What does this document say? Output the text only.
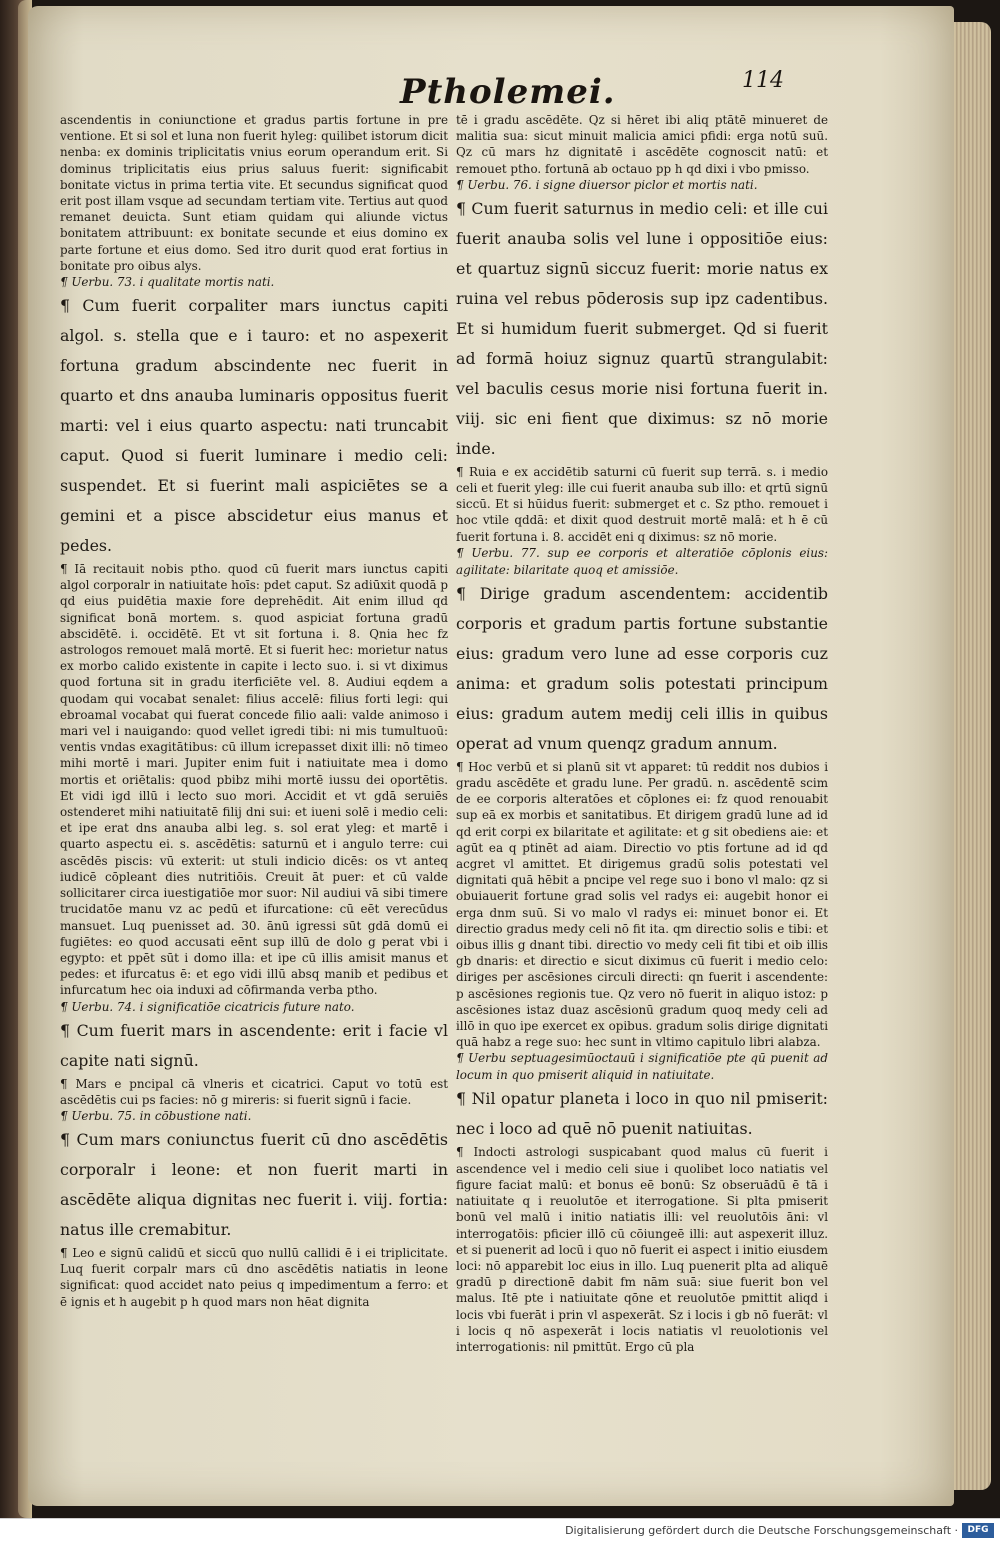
Ptholemei.	114

ascendentis in coniunctione et gradus partis fortune in pre ventione. Et si sol et luna non fuerit hyleg: quilibet istorum dicit nenba: ex dominis triplicitatis vnius eorum operandum erit. Si dominus triplicitatis eius prius saluus fuerit: significabit bonitate victus in prima tertia vite. Et secundus significat quod erit post illam vsque ad secundam tertiam vite. Tertius aut quod remanet deuicta. Sunt etiam quidam qui aliunde victus bonitatem attribuunt: ex bonitate secunde et eius domino ex parte fortune et eius domo. Sed itro durit quod erat fortius in bonitate pro oibus alys.

¶ Uerbu. 73. i qualitate mortis nati.

¶ Cum fuerit corpaliter mars iunctus capiti algol. s. stella que e i tauro: et no aspexerit fortuna gradum abscindente nec fuerit in quarto et dns anauba luminaris oppositus fuerit marti: vel i eius quarto aspectu: nati truncabit caput. Quod si fuerit luminare i medio celi: suspendet. Et si fuerint mali aspiciētes se a gemini et a pisce abscidetur eius manus et pedes.

¶ Iā recitauit nobis ptho. quod cū fuerit mars iunctus capiti algol corporalr in natiuitate hoīs: pdet caput. Sz adiūxit quodā p qd eius puidētia maxie fore deprehēdit. Ait enim illud qd significat bonā mortem. s. quod aspiciat fortuna gradū abscidētē. i. occidētē. Et vt sit fortuna i. 8. Qnia hec fz astrologos remouet malā mortē. Et si fuerit hec: morietur natus ex morbo calido existente in capite i lecto suo. i. si vt diximus quod fortuna sit in gradu iterficiēte vel. 8. Audiui eqdem a quodam qui vocabat senalet: filius accelē: filius forti legi: qui ebroamal vocabat qui fuerat concede filio aali: valde animoso i mari vel i nauigando: quod vellet igredi tibi: ni mis tumultuoū: ventis vndas exagitātibus: cū illum icrepasset dixit illi: nō timeo mihi mortē i mari. Jupiter enim fuit i natiuitate mea i domo mortis et oriētalis: quod pbibz mihi mortē iussu dei oportētis. Et vidi igd illū i lecto suo mori. Accidit et vt gdā seruiēs ostenderet mihi natiuitatē filij dni sui: et iueni solē i medio celi: et ipe erat dns anauba albi leg. s. sol erat yleg: et martē i quarto aspectu ei. s. ascēdētis: saturnū et i angulo terre: cui ascēdēs piscis: vū exterit: ut stuli indicio dicēs: os vt anteq iudicē cōpleant dies nutritiōis. Creuit āt puer: et cū valde sollicitarer circa iuestigatiōe mor suor: Nil audiui vā sibi timere trucidatōe manu vz ac pedū et ifurcatione: cū eēt verecūdus mansuet. Luq puenisset ad. 30. ānū igressi sūt gdā domū ei fugiētes: eo quod accusati eēnt sup illū de dolo g perat vbi i egypto: et ppēt sūt i domo illa: et ipe cū illis amisit manus et pedes: et ifurcatus ē: et ego vidi illū absq manib et pedibus et infurcatum hec oia induxi ad cōfirmanda verba ptho.

¶ Uerbu. 74. i significatiōe cicatricis future nato.

¶ Cum fuerit mars in ascendente: erit i facie vl capite nati signū.

¶ Mars e pncipal cā vlneris et cicatrici. Caput vo totū est ascēdētis cui ps facies: nō g mireris: si fuerit signū i facie.

¶ Uerbu. 75. in cōbustione nati.

¶ Cum mars coniunctus fuerit cū dno ascēdētis corporalr i leone: et non fuerit marti in ascēdēte aliqua dignitas nec fuerit i. viij. fortia: natus ille cremabitur.

¶ Leo e signū calidū et siccū quo nullū callidi ē i ei triplicitate. Luq fuerit corpalr mars cū dno ascēdētis natiatis in leone significat: quod accidet nato peius q impedimentum a ferro: et ē ignis et h augebit p h quod mars non hēat dignita

tē i gradu ascēdēte. Qz si hēret ibi aliq ptātē minueret de malitia sua: sicut minuit malicia amici pfidi: erga notū suū. Qz cū mars hz dignitatē i ascēdēte cognoscit natū: et remouet ptho. fortunā ab octauo pp h qd dixi i vbo pmisso.

¶ Uerbu. 76. i signe diuersor piclor et mortis nati.

¶ Cum fuerit saturnus in medio celi: et ille cui fuerit anauba solis vel lune i oppositiōe eius: et quartuz signū siccuz fuerit: morie natus ex ruina vel rebus pōderosis sup ipz cadentibus. Et si humidum fuerit submerget. Qd si fuerit ad formā hoiuz signuz quartū strangulabit: vel baculis cesus morie nisi fortuna fuerit in. viij. sic eni fient que diximus: sz nō morie inde.

¶ Ruia e ex accidētib saturni cū fuerit sup terrā. s. i medio celi et fuerit yleg: ille cui fuerit anauba sub illo: et qrtū signū siccū. Et si hūidus fuerit: submerget et c. Sz ptho. remouet i hoc vtile qddā: et dixit quod destruit mortē malā: et h ē cū fuerit fortuna i. 8. accidēt eni q diximus: sz nō morie.

¶ Uerbu. 77. sup ee corporis et alteratiōe cōplonis eius: agilitate: bilaritate quoq et amissiōe.

¶ Dirige gradum ascendentem: accidentib corporis et gradum partis fortune substantie eius: gradum vero lune ad esse corporis cuz anima: et gradum solis potestati principum eius: gradum autem medij celi illis in quibus operat ad vnum quenqz gradum annum.

¶ Hoc verbū et si planū sit vt apparet: tū reddit nos dubios i gradu ascēdēte et gradu lune. Per gradū. n. ascēdentē scim de ee corporis alteratōes et cōplones ei: fz quod renouabit sup eā ex morbis et sanitatibus. Et dirigem gradū lune ad id qd erit corpi ex bilaritate et agilitate: et g sit obediens aie: et agūt ea q ptinēt ad aiam. Directio vo ptis fortune ad id qd acgret vl amittet. Et dirigemus gradū solis potestati vel dignitati quā hēbit a pncipe vel rege suo i bono vl malo: qz si obuiauerit fortune grad solis vel radys ei: augebit honor ei erga dnm suū. Si vo malo vl radys ei: minuet bonor ei. Et directio gradus medy celi nō fit ita. qm directio solis e tibi: et oibus illis g dnant tibi. directio vo medy celi fit tibi et oib illis gb dnaris: et directio e sicut diximus cū fuerit i medio celo: diriges per ascēsiones circuli directi: qn fuerit i ascendente: p ascēsiones regionis tue. Qz vero nō fuerit in aliquo istoz: p ascēsiones istaz duaz ascēsionū gradum quoq medy celi ad illō in quo ipe exercet ex opibus. gradum solis dirige dignitati quā habz a rege suo: hec sunt in vltimo capitulo libri alabza.

¶ Uerbu septuagesimūoctauū i significatiōe pte qū puenit ad locum in quo pmiserit aliquid in natiuitate.

¶ Nil opatur planeta i loco in quo nil pmiserit: nec i loco ad quē nō puenit natiuitas.

¶ Indocti astrologi suspicabant quod malus cū fuerit i ascendence vel i medio celi siue i quolibet loco natiatis vel figure faciat malū: et bonus eē bonū: Sz obseruādū ē tā i natiuitate q i reuolutōe et iterrogatione. Si plta pmiserit bonū vel malū i initio natiatis illi: vel reuolutōis āni: vl interrogatōis: pficier illō cū cōiungeē illi: aut aspexerit illuz. et si puenerit ad locū i quo nō fuerit ei aspect i initio eiusdem loci: nō apparebit loc eius in illo. Luq puenerit plta ad aliquē gradū p directionē dabit fm nām suā: siue fuerit bon vel malus. Itē pte i natiuitate qōne et reuolutōe pmittit aliqd i locis vbi fuerāt i prin vl aspexerāt. Sz i locis i gb nō fuerāt: vl i locis q nō aspexerāt i locis natiatis vl reuolotionis vel interrogationis: nil pmittūt. Ergo cū pla

Digitalisierung gefördert durch die Deutsche Forschungsgemeinschaft ·	DFG
